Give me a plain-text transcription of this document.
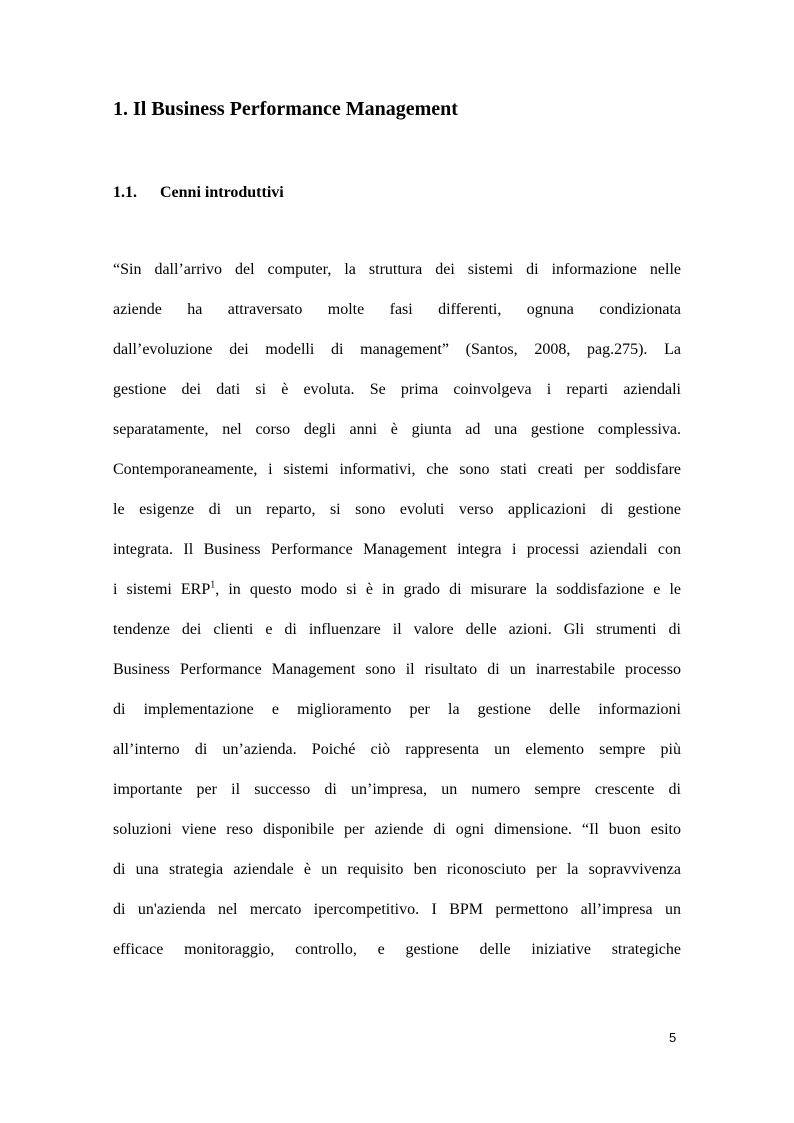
1. Il Business Performance Management
1.1. Cenni introduttivi
“Sin dall’arrivo del computer, la struttura dei sistemi di informazione nelle
aziende ha attraversato molte fasi differenti, ognuna condizionata
dall’evoluzione dei modelli di management” (Santos, 2008, pag.275). La
gestione dei dati si è evoluta. Se prima coinvolgeva i reparti aziendali
separatamente, nel corso degli anni è giunta ad una gestione complessiva.
Contemporaneamente, i sistemi informativi, che sono stati creati per soddisfare
le esigenze di un reparto, si sono evoluti verso applicazioni di gestione
integrata. Il Business Performance Management integra i processi aziendali con
i sistemi ERP$^1$, in questo modo si è in grado di misurare la soddisfazione e le
tendenze dei clienti e di influenzare il valore delle azioni. Gli strumenti di
Business Performance Management sono il risultato di un inarrestabile processo
di implementazione e miglioramento per la gestione delle informazioni
all’interno di un’azienda. Poiché ciò rappresenta un elemento sempre più
importante per il successo di un’impresa, un numero sempre crescente di
soluzioni viene reso disponibile per aziende di ogni dimensione. “Il buon esito
di una strategia aziendale è un requisito ben riconosciuto per la sopravvivenza
di un'azienda nel mercato ipercompetitivo. I BPM permettono all’impresa un
efficace monitoraggio, controllo, e gestione delle iniziative strategiche
5
